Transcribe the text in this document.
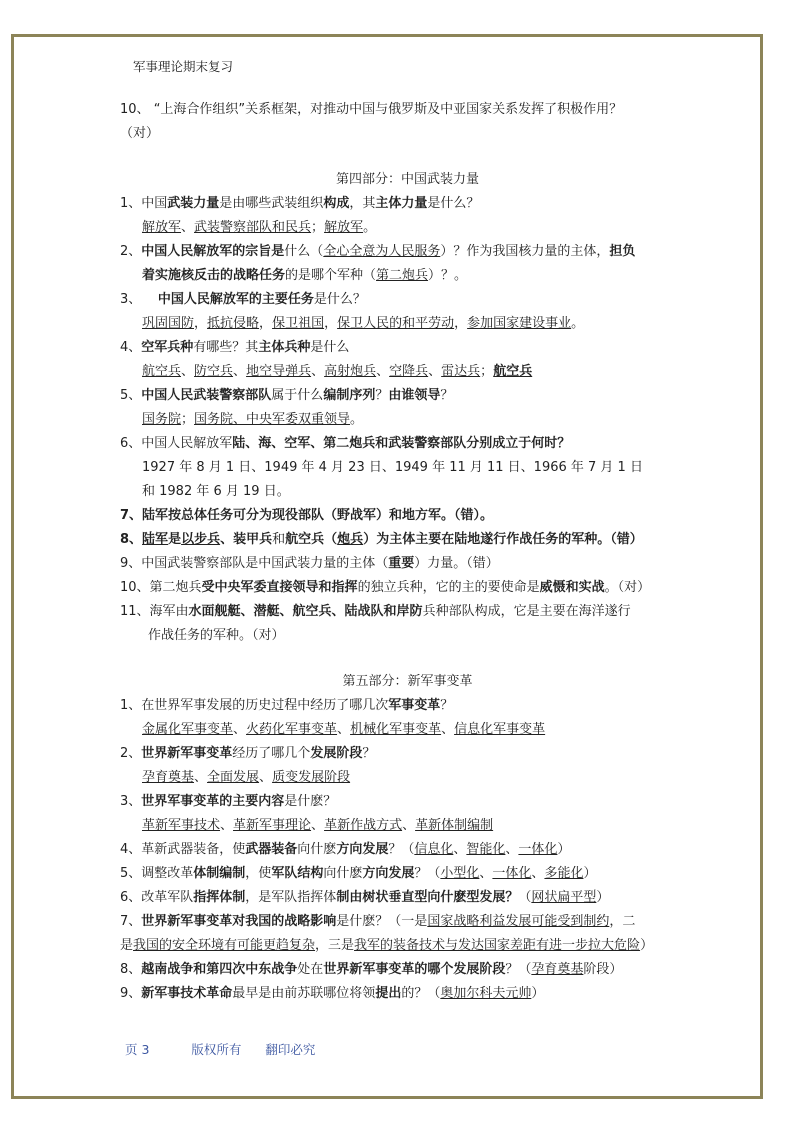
军事理论期末复习
10、 “上海合作组织”关系框架，对推动中国与俄罗斯及中亚国家关系发挥了积极作用？
（对）
第四部分：中国武装力量
1、中国武装力量是由哪些武装组织构成，其主体力量是什么？
解放军、武装警察部队和民兵；解放军。
2、中国人民解放军的宗旨是什么（全心全意为人民服务）？作为我国核力量的主体，担负
着实施核反击的战略任务的是哪个军种（第二炮兵）？。
3、 中国人民解放军的主要任务是什么？
巩固国防，抵抗侵略，保卫祖国，保卫人民的和平劳动，参加国家建设事业。
4、空军兵种有哪些？其主体兵种是什么
航空兵、防空兵、地空导弹兵、高射炮兵、空降兵、雷达兵；航空兵
5、中国人民武装警察部队属于什么编制序列？由谁领导？
国务院；国务院、中央军委双重领导。
6、中国人民解放军陆、海、空军、第二炮兵和武装警察部队分别成立于何时？
1927 年 8 月 1 日、1949 年 4 月 23 日、1949 年 11 月 11 日、1966 年 7 月 1 日
和 1982 年 6 月 19 日。
7、陆军按总体任务可分为现役部队（野战军）和地方军。（错）。
8、陆军是以步兵、装甲兵和航空兵（炮兵）为主体主要在陆地遂行作战任务的军种。（错）
9、中国武装警察部队是中国武装力量的主体（重要）力量。（错）
10、第二炮兵受中央军委直接领导和指挥的独立兵种，它的主的要使命是威慑和实战。（对）
11、海军由水面舰艇、潜艇、航空兵、陆战队和岸防兵种部队构成，它是主要在海洋遂行
作战任务的军种。（对）
第五部分：新军事变革
1、在世界军事发展的历史过程中经历了哪几次军事变革？
金属化军事变革、火药化军事变革、机械化军事变革、信息化军事变革
2、世界新军事变革经历了哪几个发展阶段？
孕育奠基、全面发展、质变发展阶段
3、世界军事变革的主要内容是什麽？
革新军事技术、革新军事理论、革新作战方式、革新体制编制
4、革新武器装备，使武器装备向什麽方向发展？（信息化、智能化、一体化）
5、调整改革体制编制，使军队结构向什麽方向发展？（小型化、一体化、多能化）
6、改革军队指挥体制，是军队指挥体制由树状垂直型向什麽型发展？（网状扁平型）
7、世界新军事变革对我国的战略影响是什麽？（一是国家战略利益发展可能受到制约，二
是我国的安全环境有可能更趋复杂，三是我军的装备技术与发达国家差距有进一步拉大危险）
8、越南战争和第四次中东战争处在世界新军事变革的哪个发展阶段？（孕育奠基阶段）
9、新军事技术革命最早是由前苏联哪位将领提出的？（奥加尔科夫元帅）
页 3	版权所有 翻印必究
